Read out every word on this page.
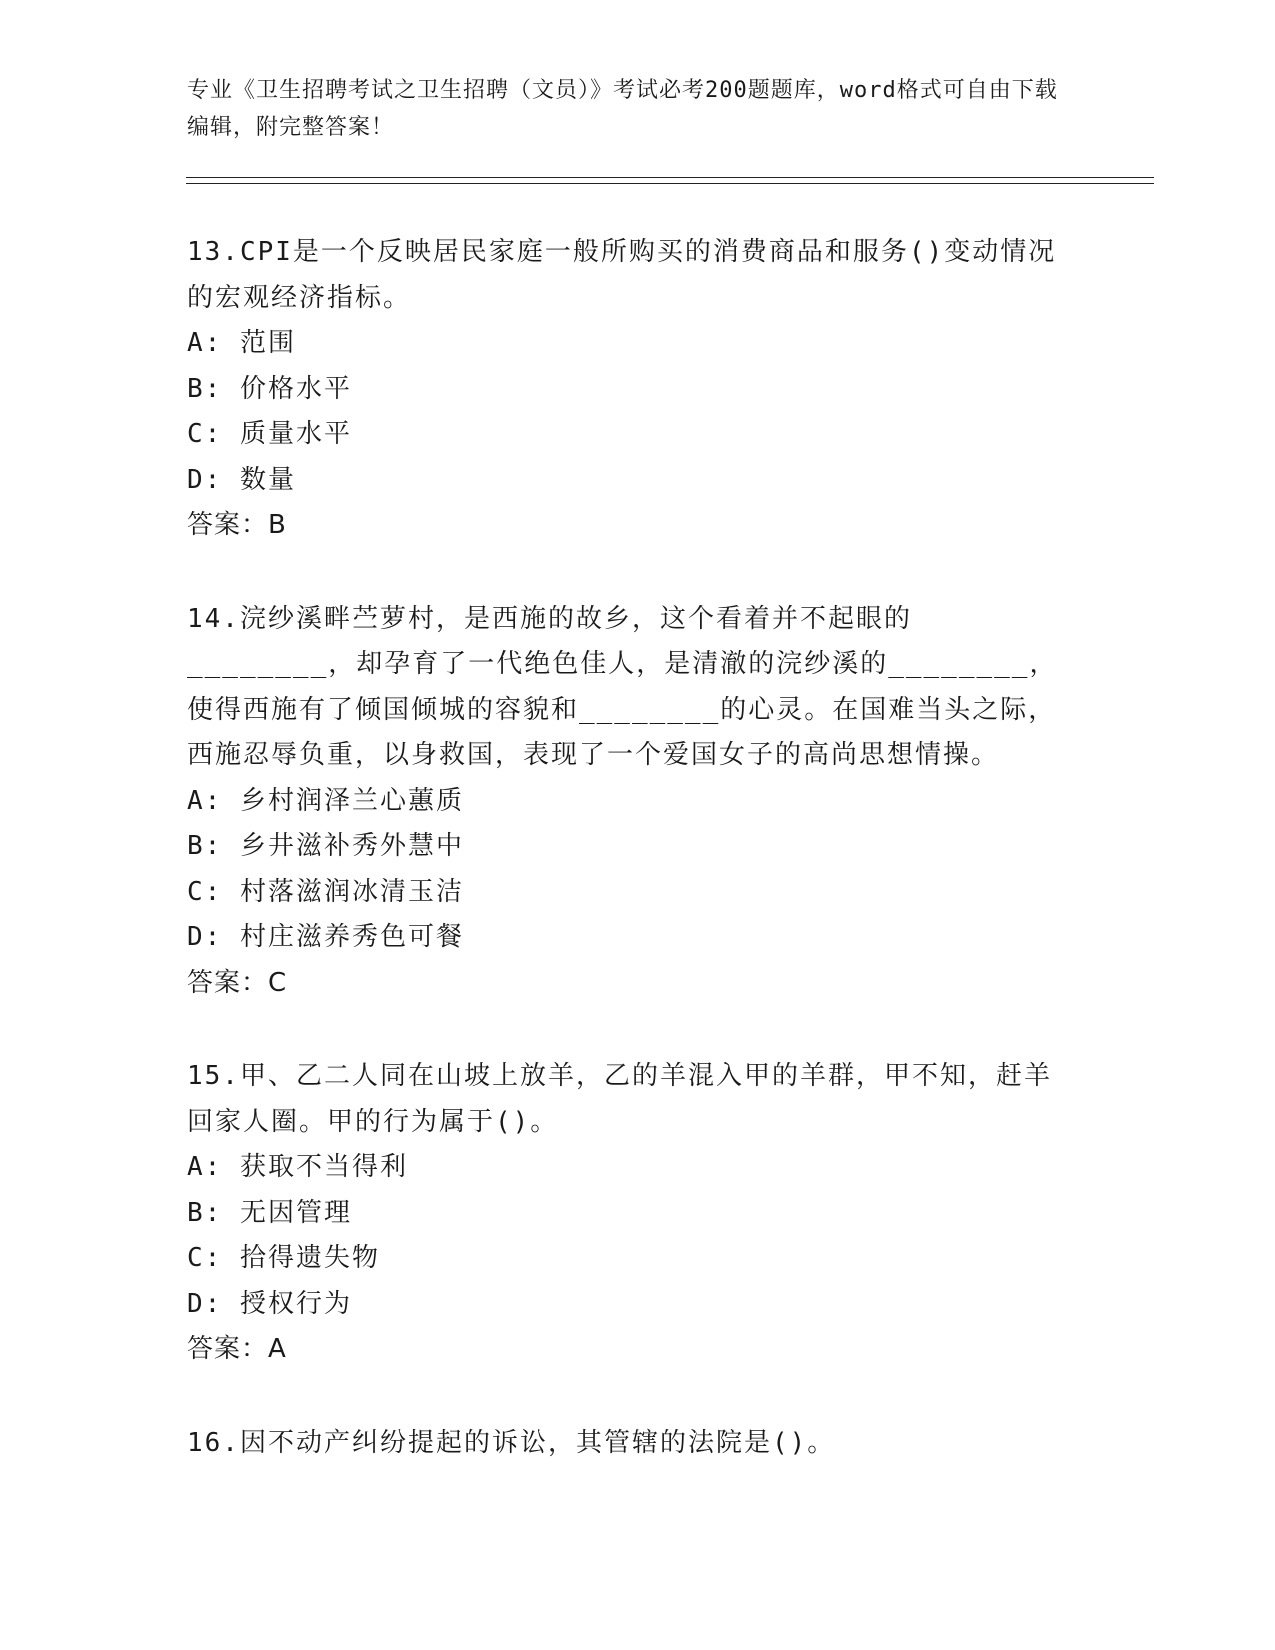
专业《卫生招聘考试之卫生招聘（文员）》考试必考200题题库，word格式可自由下载编辑，附完整答案！

13.CPI是一个反映居民家庭一般所购买的消费商品和服务()变动情况的宏观经济指标。

A: 范围

B: 价格水平

C: 质量水平

D: 数量

答案：B

14.浣纱溪畔苎萝村，是西施的故乡，这个看着并不起眼的________，却孕育了一代绝色佳人，是清澈的浣纱溪的________，使得西施有了倾国倾城的容貌和________的心灵。在国难当头之际，西施忍辱负重，以身救国，表现了一个爱国女子的高尚思想情操。

A: 乡村润泽兰心蕙质

B: 乡井滋补秀外慧中

C: 村落滋润冰清玉洁

D: 村庄滋养秀色可餐

答案：C

15.甲、乙二人同在山坡上放羊，乙的羊混入甲的羊群，甲不知，赶羊回家人圈。甲的行为属于()。

A: 获取不当得利

B: 无因管理

C: 拾得遗失物

D: 授权行为

答案：A

16.因不动产纠纷提起的诉讼，其管辖的法院是()。
